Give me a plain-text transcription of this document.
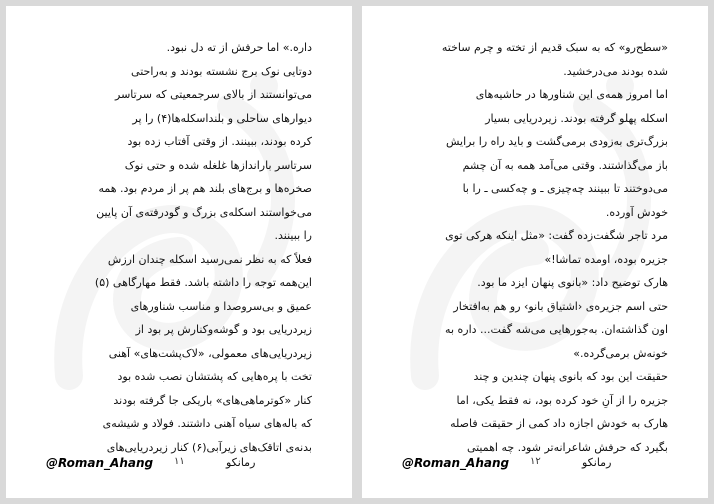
داره.» اما حرفش از ته دل نبود.
دوتایی نوک برج نشسته بودند و به‌راحتی
می‌توانستند از بالای سرجمعیتی که سرتاسر
دیوارهای ساحلی و بلنداسکله‌ها(۴) را پر
کرده بودند، ببینند. از وقتی آفتاب زده بود
سرتاسر باراندازها غلغله شده و حتی نوک
صخره‌ها و برج‌های بلند هم پر از مردم بود. همه
می‌خواستند اسکله‌ی بزرگ و گودرفته‌ی آن پایین
را ببینند.
فعلاً که به نظر نمی‌رسید اسکله چندان ارزش
این‌همه توجه را داشته باشد. فقط مهارگاهی (۵)
عمیق و بی‌سروصدا و مناسب شناورهای
زیردریایی بود و گوشه‌وکنارش پر بود از
زیردریایی‌های معمولی، «لاک‌پشت‌های» آهنی
تخت با پره‌هایی که پشتشان نصب شده بود
کنار «کوترماهی‌های» باریکی جا گرفته بودند
که باله‌های سیاه آهنی داشتند. فولاد و شیشه‌ی
بدنه‌ی اتاقک‌های زیرآبی(۶) کنار زیردریایی‌های
@Roman_Ahang ۱۱	رمانکو
«سطح‌رو» که به سبک قدیم از تخته و چرم ساخته
شده بودند می‌درخشید.
اما امروز همه‌ی این شناورها در حاشیه‌های
اسکله پهلو گرفته بودند. زیردریایی بسیار
بزرگ‌تری به‌زودی برمی‌گشت و باید راه را برایش
باز می‌گذاشتند. وقتی می‌آمد همه به آن چشم
می‌دوختند تا ببینند چه‌چیزی ـ و چه‌کسی ـ را با
خودش آورده.
مرد تاجر شگفت‌زده گفت: «مثل اینکه هرکی توی
جزیره بوده، اومده تماشا!»
هارک توضیح داد: «بانوی پنهان ایزد ما بود.
حتی اسم جزیره‌ی ‹اشتیاق بانو› رو هم به‌افتخار
اون گذاشته‌ان. به‌جورهایی می‌شه گفت... داره به
خونه‌ش برمی‌گرده.»
حقیقت این بود که بانوی پنهان چندین و چند
جزیره را از آنِ خود کرده بود، نه فقط یکی، اما
هارک به خودش اجازه داد کمی از حقیقت فاصله
بگیرد که حرفش شاعرانه‌تر شود. چه اهمیتی
@Roman_Ahang ۱۲	رمانکو
